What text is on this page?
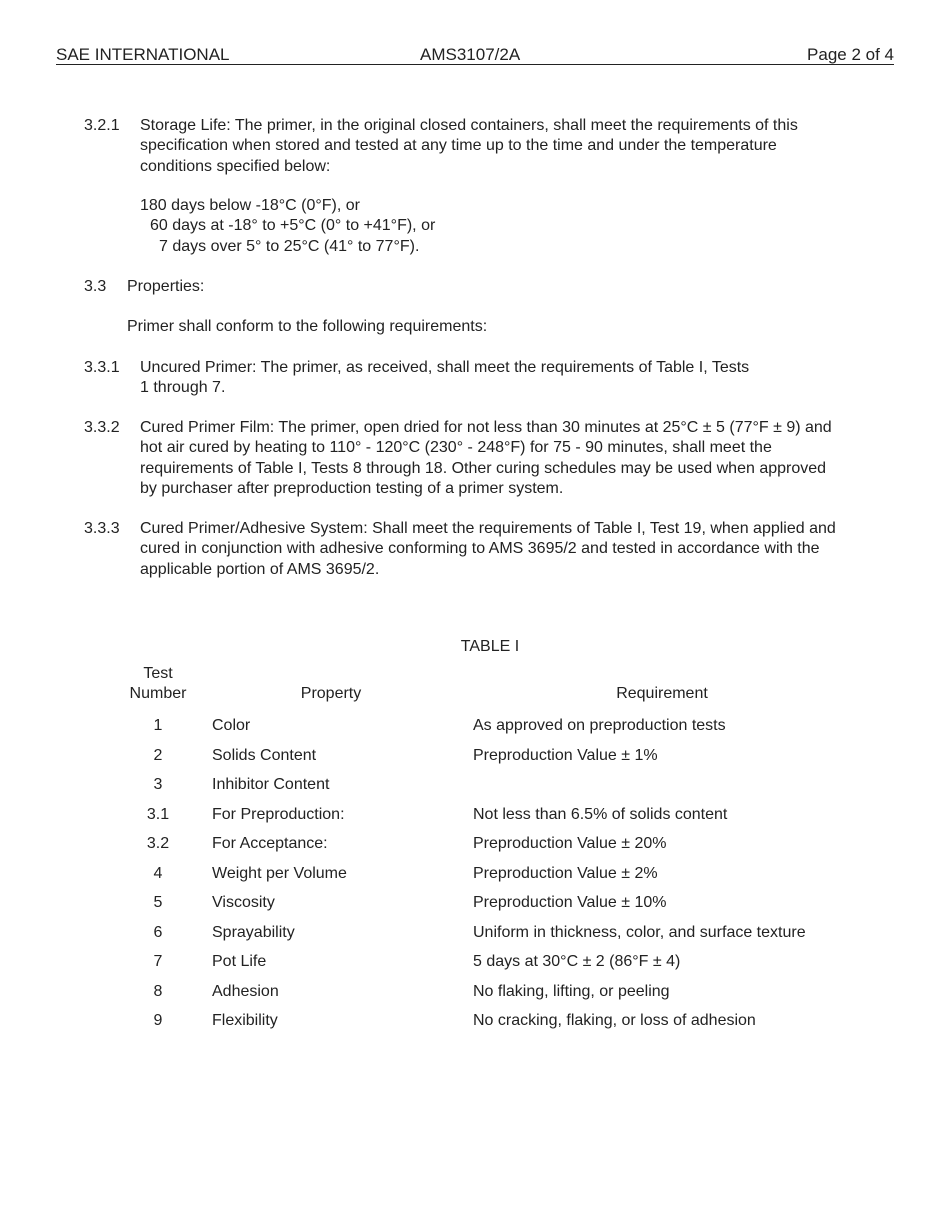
SAE INTERNATIONAL	AMS3107/2A	Page 2 of 4
3.2.1 Storage Life: The primer, in the original closed containers, shall meet the requirements of this
specification when stored and tested at any time up to the time and under the temperature
conditions specified below:
180 days below -18°C (0°F), or
60 days at -18° to +5°C (0° to +41°F), or
7 days over 5° to 25°C (41° to 77°F).
3.3 Properties:
Primer shall conform to the following requirements:
3.3.1 Uncured Primer: The primer, as received, shall meet the requirements of Table I, Tests
1 through 7.
3.3.2 Cured Primer Film: The primer, open dried for not less than 30 minutes at 25°C ± 5 (77°F ± 9) and
hot air cured by heating to 110° - 120°C (230° - 248°F) for 75 - 90 minutes, shall meet the
requirements of Table I, Tests 8 through 18. Other curing schedules may be used when approved
by purchaser after preproduction testing of a primer system.
3.3.3 Cured Primer/Adhesive System: Shall meet the requirements of Table I, Test 19, when applied and
cured in conjunction with adhesive conforming to AMS 3695/2 and tested in accordance with the
applicable portion of AMS 3695/2.
TABLE I
Test
Number	Property	Requirement
1	Color	As approved on preproduction tests
2	Solids Content	Preproduction Value ± 1%
3	Inhibitor Content
3.1	For Preproduction:	Not less than 6.5% of solids content
3.2	For Acceptance:	Preproduction Value ± 20%
4	Weight per Volume	Preproduction Value ± 2%
5	Viscosity	Preproduction Value ± 10%
6	Sprayability	Uniform in thickness, color, and surface texture
7	Pot Life	5 days at 30°C ± 2 (86°F ± 4)
8	Adhesion	No flaking, lifting, or peeling
9	Flexibility	No cracking, flaking, or loss of adhesion
